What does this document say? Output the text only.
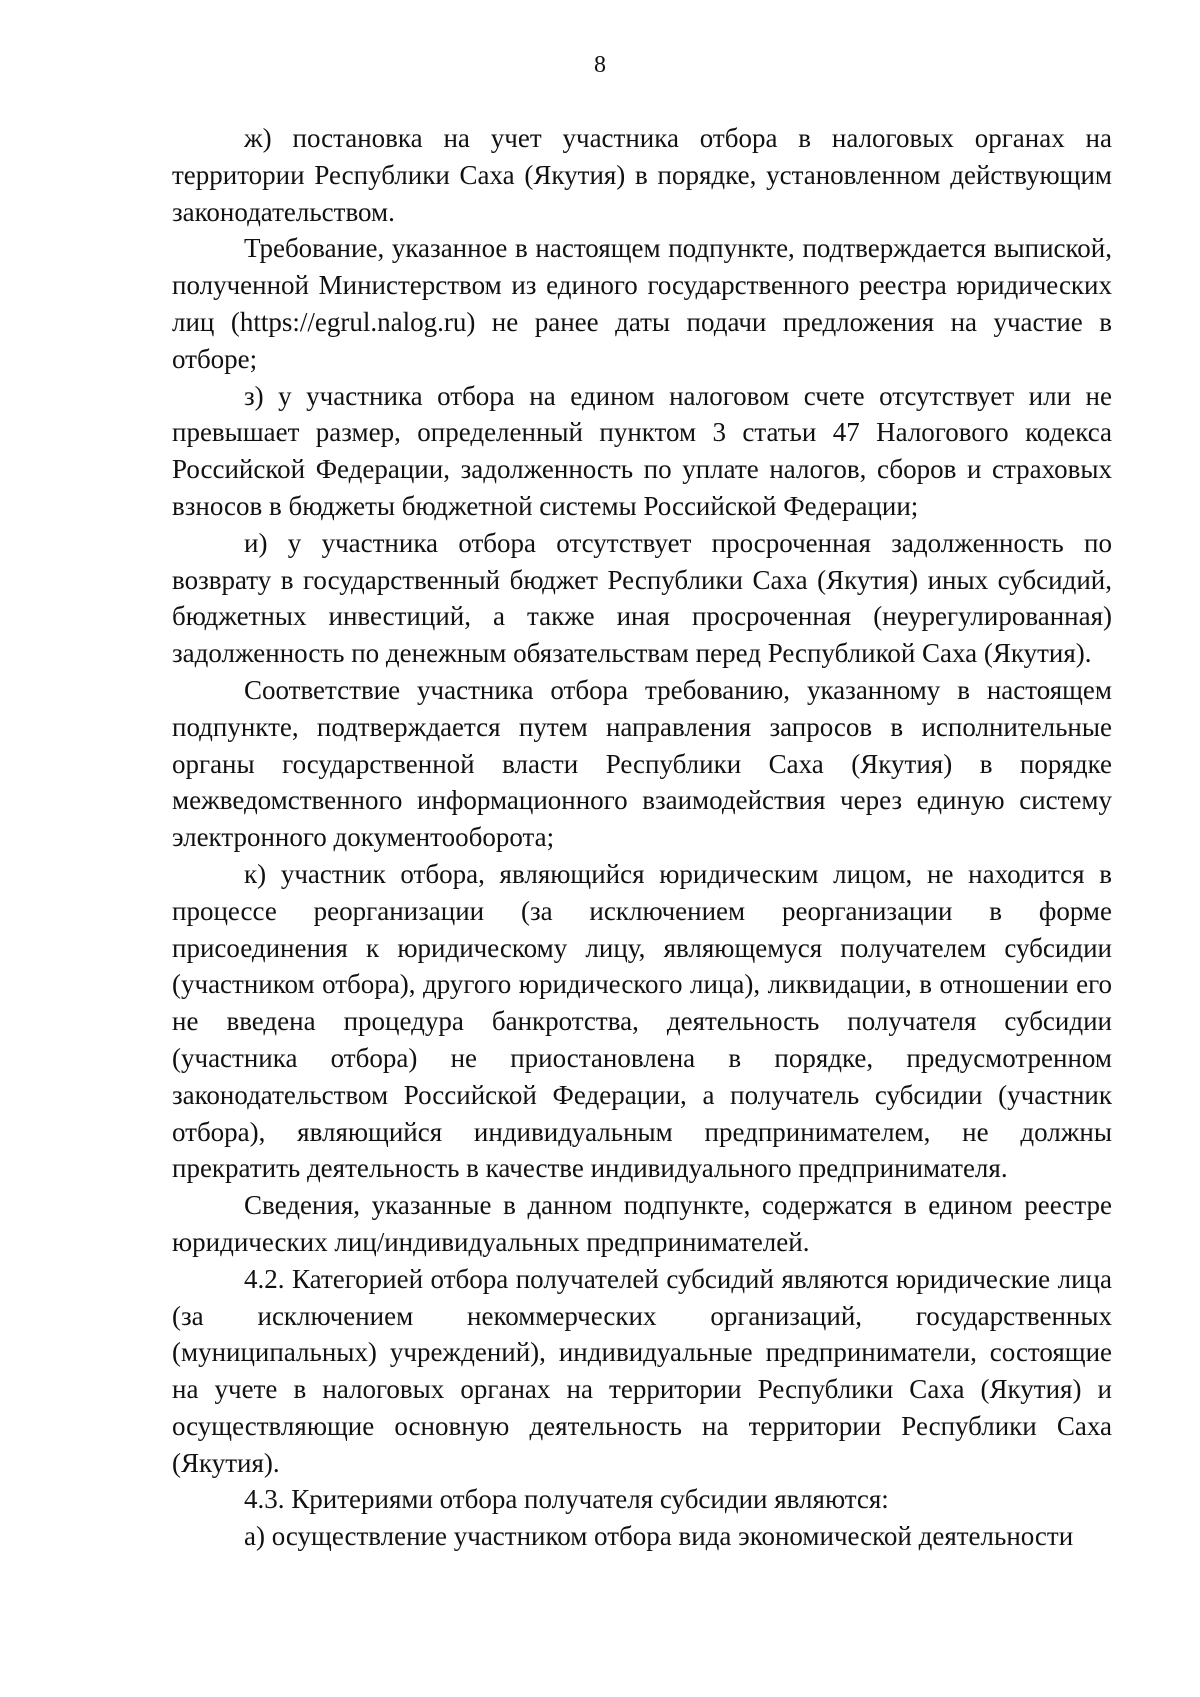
8

ж) постановка на учет участника отбора в налоговых органах на территории Республики Саха (Якутия) в порядке, установленном действующим законодательством.

Требование, указанное в настоящем подпункте, подтверждается выпиской, полученной Министерством из единого государственного реестра юридических лиц (https://egrul.nalog.ru) не ранее даты подачи предложения на участие в отборе;

з) у участника отбора на едином налоговом счете отсутствует или не превышает размер, определенный пунктом 3 статьи 47 Налогового кодекса Российской Федерации, задолженность по уплате налогов, сборов и страховых взносов в бюджеты бюджетной системы Российской Федерации;

и) у участника отбора отсутствует просроченная задолженность по возврату в государственный бюджет Республики Саха (Якутия) иных субсидий, бюджетных инвестиций, а также иная просроченная (неурегулированная) задолженность по денежным обязательствам перед Республикой Саха (Якутия).

Соответствие участника отбора требованию, указанному в настоящем подпункте, подтверждается путем направления запросов в исполнительные органы государственной власти Республики Саха (Якутия) в порядке межведомственного информационного взаимодействия через единую систему электронного документооборота;

к) участник отбора, являющийся юридическим лицом, не находится в процессе реорганизации (за исключением реорганизации в форме присоединения к юридическому лицу, являющемуся получателем субсидии (участником отбора), другого юридического лица), ликвидации, в отношении его не введена процедура банкротства, деятельность получателя субсидии (участника отбора) не приостановлена в порядке, предусмотренном законодательством Российской Федерации, а получатель субсидии (участник отбора), являющийся индивидуальным предпринимателем, не должны прекратить деятельность в качестве индивидуального предпринимателя.

Сведения, указанные в данном подпункте, содержатся в едином реестре юридических лиц/индивидуальных предпринимателей.

4.2. Категорией отбора получателей субсидий являются юридические лица (за исключением некоммерческих организаций, государственных (муниципальных) учреждений), индивидуальные предприниматели, состоящие на учете в налоговых органах на территории Республики Саха (Якутия) и осуществляющие основную деятельность на территории Республики Саха (Якутия).

4.3. Критериями отбора получателя субсидии являются:

а) осуществление участником отбора вида экономической деятельности
